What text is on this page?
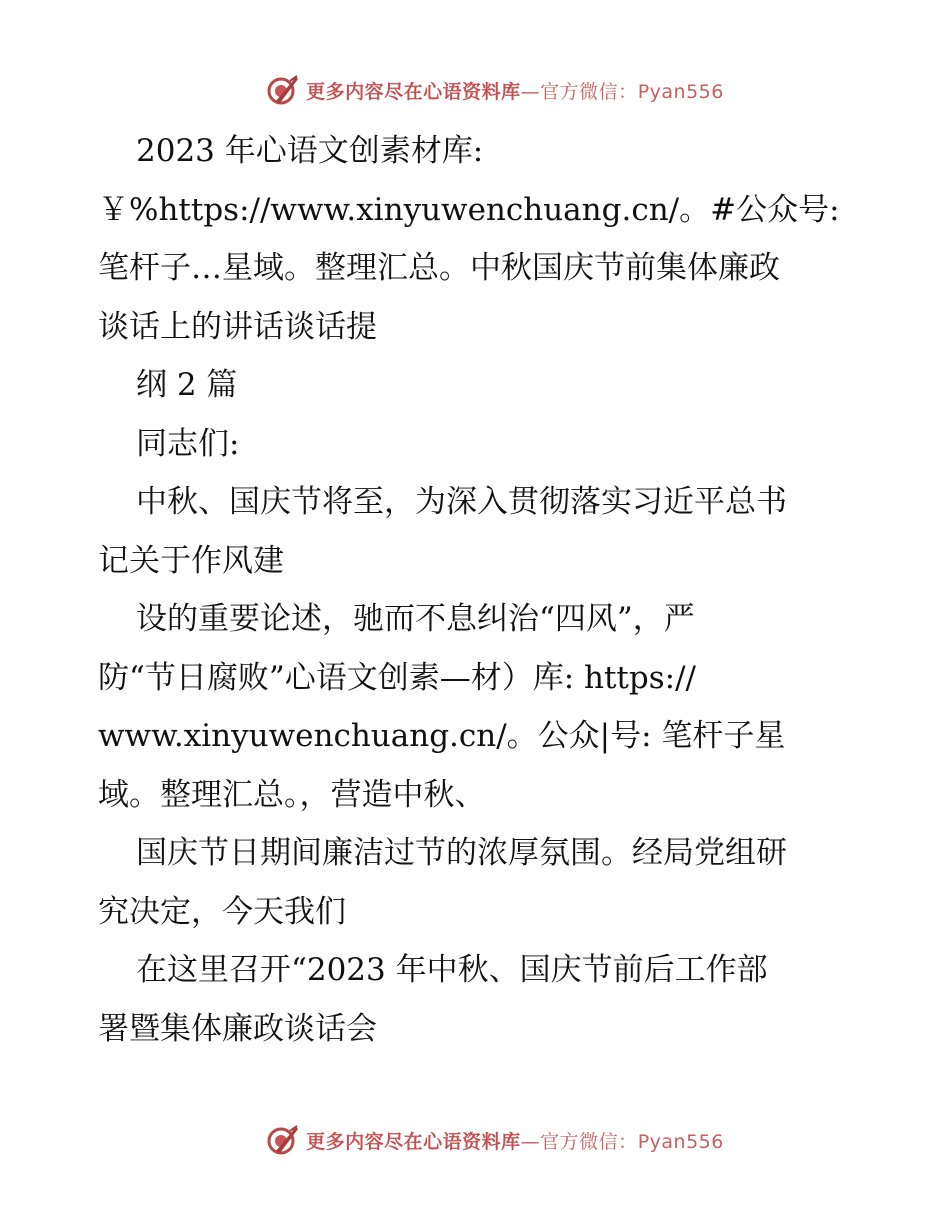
更多内容尽在心语资料库—官方微信：Pyan556
2023 年心语文创素材库:
￥%https://www.xinyuwenchuang.cn/。#公众号:
笔杆子…星域。整理汇总。中秋国庆节前集体廉政
谈话上的讲话谈话提
纲 2 篇
同志们:
中秋、国庆节将至，为深入贯彻落实习近平总书
记关于作风建
设的重要论述，驰而不息纠治“四风”，严
防“节日腐败”心语文创素—材）库: https://
www.xinyuwenchuang.cn/。公众|号: 笔杆子星
域。整理汇总。，营造中秋、
国庆节日期间廉洁过节的浓厚氛围。经局党组研
究决定，今天我们
在这里召开“2023 年中秋、国庆节前后工作部
署暨集体廉政谈话会
更多内容尽在心语资料库—官方微信：Pyan556
